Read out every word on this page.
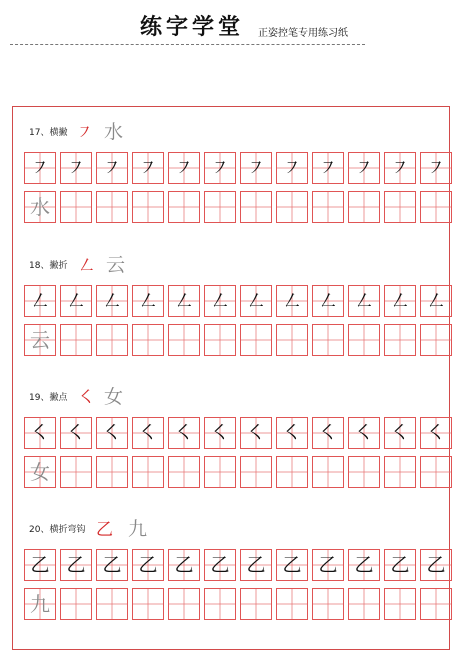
练字学堂 正姿控笔专用练习纸
17、横撇 ㇇ 水
㇇ ㇇ ㇇ ㇇ ㇇ ㇇ ㇇ ㇇ ㇇ ㇇ ㇇ ㇇
水
18、撇折 ㇜ 云
㇜ ㇜ ㇜ ㇜ ㇜ ㇜ ㇜ ㇜ ㇜ ㇜ ㇜ ㇜
云
19、撇点 ㇛ 女
㇛ ㇛ ㇛ ㇛ ㇛ ㇛ ㇛ ㇛ ㇛ ㇛ ㇛ ㇛
女
20、横折弯钩 乙 九
乙 乙 乙 乙 乙 乙 乙 乙 乙 乙 乙 乙
九
